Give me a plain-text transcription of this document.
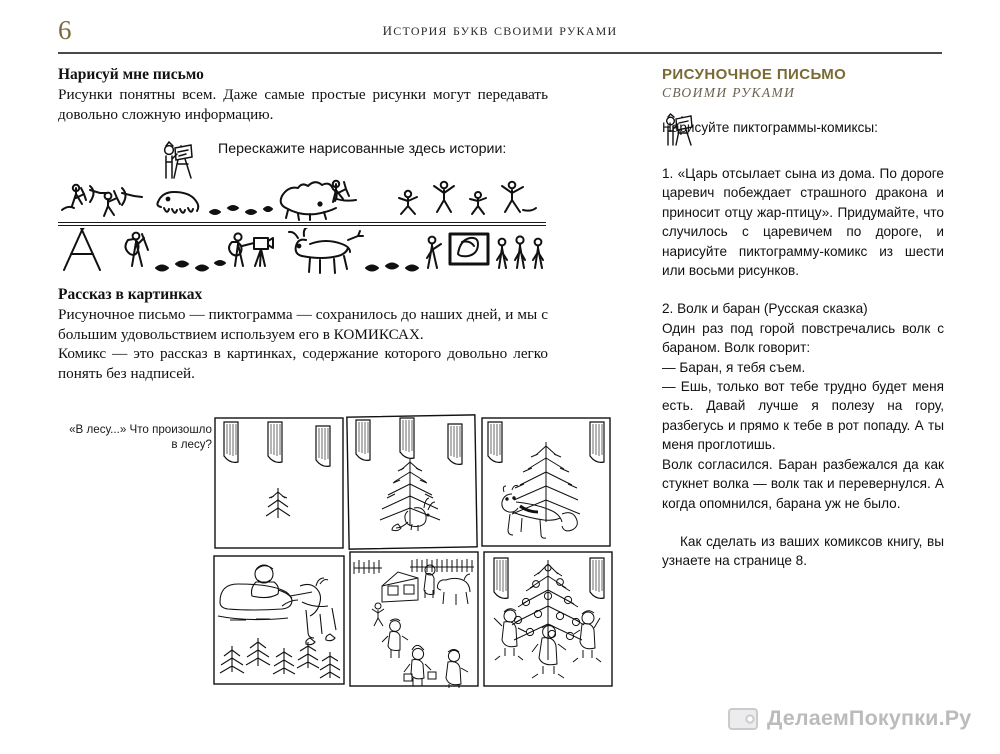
6	история букв своими руками
Нарисуй мне письмо

Рисунки понятны всем. Даже самые простые рисунки могут передавать довольно сложную информацию.

Перескажите нарисованные здесь истории:
Рассказ в картинках

Рисуночное письмо — пиктограмма — сохранилось до наших дней, и мы с большим удовольствием используем его в КОМИКСАХ.

Комикс — это рассказ в картинках, содержание которого довольно легко понять без надписей.

«В лесу...» Что произошло в лесу?
РИСУНОЧНОЕ ПИСЬМО
СВОИМИ РУКАМИ
Нарисуйте пиктограммы-комиксы:

1. «Царь отсылает сына из дома. По дороге царевич побеждает страшного дракона и приносит отцу жар-птицу». Придумайте, что случилось с царевичем по дороге, и нарисуйте пиктограмму-комикс из шести или восьми рисунков.

2. Волк и баран (Русская сказка)

Один раз под горой повстречались волк с бараном. Волк говорит:

— Баран, я тебя съем.

— Ешь, только вот тебе трудно будет меня есть. Давай лучше я полезу на гору, разбегусь и прямо к тебе в рот попаду. А ты меня проглотишь.

Волк согласился. Баран разбежался да как стукнет волка — волк так и перевернулся. А когда опомнился, барана уж не было.

Как сделать из ваших комиксов книгу, вы узнаете на странице 8.

ДелаемПокупки.Ру
